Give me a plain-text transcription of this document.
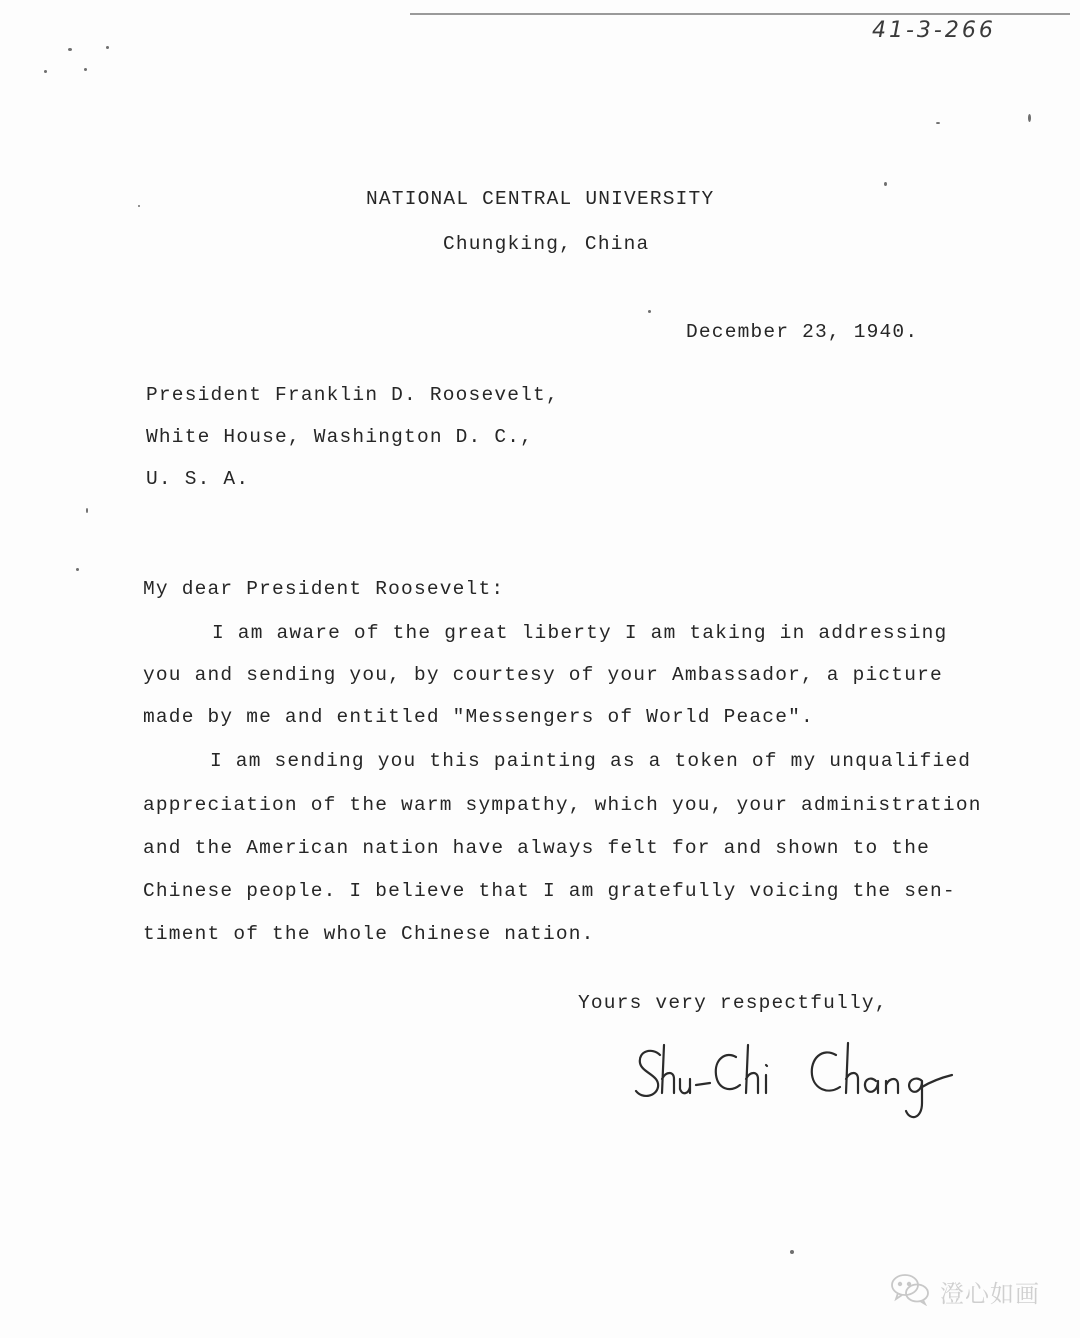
41-3-266
NATIONAL CENTRAL UNIVERSITY
Chungking, China
December 23, 1940.
President Franklin D. Roosevelt,
White House, Washington D. C.,
U. S. A.
My dear President Roosevelt:
I am aware of the great liberty I am taking in addressing
you and sending you, by courtesy of your Ambassador, a picture
made by me and entitled "Messengers of World Peace".
I am sending you this painting as a token of my unqualified
appreciation of the warm sympathy, which you, your administration
and the American nation have always felt for and shown to the
Chinese people. I believe that I am gratefully voicing the sen-
timent of the whole Chinese nation.
Yours very respectfully,
澄心如画
